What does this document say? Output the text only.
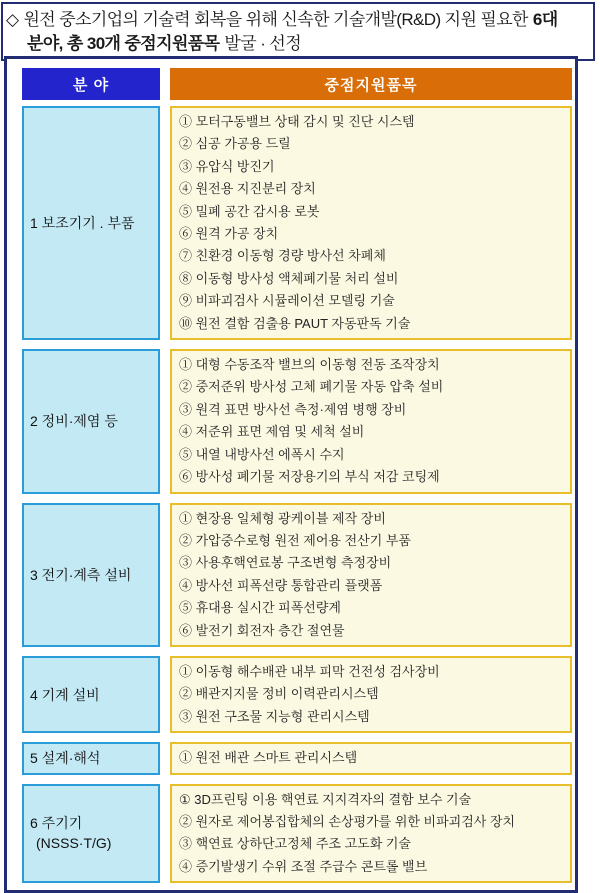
◇ 원전 중소기업의 기술력 회복을 위해 신속한 기술개발(R&D) 지원 필요한 6대
분야, 총 30개 중점지원품목 발굴 · 선정
분 야	중점지원품목
1 보조기기 . 부품
① 모터구동밸브 상태 감시 및 진단 시스템
② 심공 가공용 드릴
③ 유압식 방진기
④ 원전용 지진분리 장치
⑤ 밀폐 공간 감시용 로봇
⑥ 원격 가공 장치
⑦ 친환경 이동형 경량 방사선 차폐체
⑧ 이동형 방사성 액체폐기물 처리 설비
⑨ 비파괴검사 시뮬레이션 모델링 기술
⑩ 원전 결함 검출용 PAUT 자동판독 기술
2 정비·제염 등
① 대형 수동조작 밸브의 이동형 전동 조작장치
② 중저준위 방사성 고체 폐기물 자동 압축 설비
③ 원격 표면 방사선 측정·제염 병행 장비
④ 저준위 표면 제염 및 세척 설비
⑤ 내열 내방사선 에폭시 수지
⑥ 방사성 폐기물 저장용기의 부식 저감 코팅제
3 전기·계측 설비
① 현장용 일체형 광케이블 제작 장비
② 가압중수로형 원전 제어용 전산기 부품
③ 사용후핵연료봉 구조변형 측정장비
④ 방사선 피폭선량 통합관리 플랫폼
⑤ 휴대용 실시간 피폭선량계
⑥ 발전기 회전자 층간 절연물
4 기계 설비
① 이동형 해수배관 내부 피막 건전성 검사장비
② 배관지지물 정비 이력관리시스템
③ 원전 구조물 지능형 관리시스템
5 설계·해석	① 원전 배관 스마트 관리시스템
6 주기기
(NSSS·T/G)
① 3D프린팅 이용 핵연료 지지격자의 결함 보수 기술
② 원자로 제어봉집합체의 손상평가를 위한 비파괴검사 장치
③ 핵연료 상하단고정체 주조 고도화 기술
④ 증기발생기 수위 조절 주급수 콘트롤 밸브
